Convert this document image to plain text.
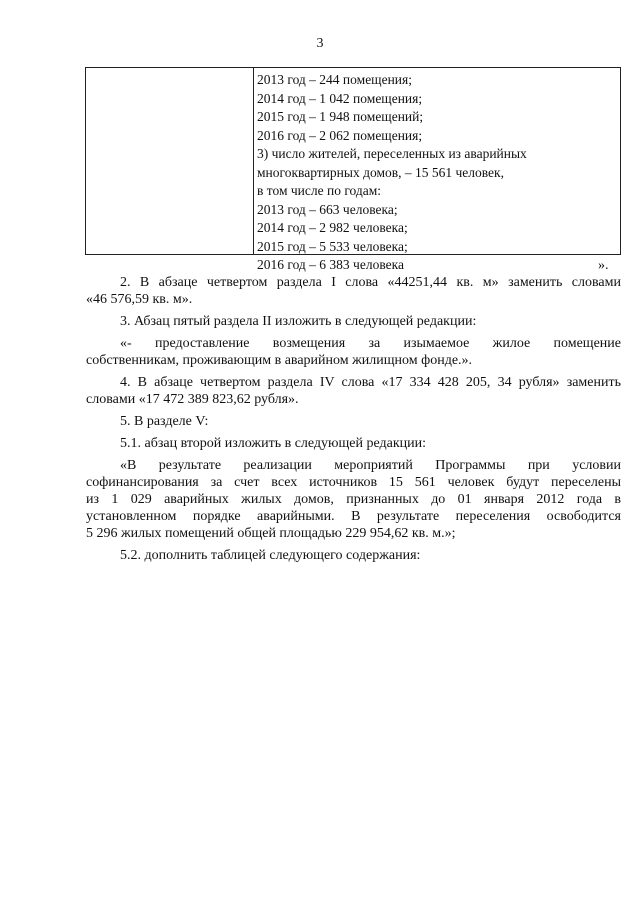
3
2013 год – 244 помещения;
2014 год – 1 042 помещения;
2015 год – 1 948 помещений;
2016 год – 2 062 помещения;
3) число жителей, переселенных из аварийных
многоквартирных домов, – 15 561 человек,
в том числе по годам:
2013 год – 663 человека;
2014 год – 2 982 человека;
2015 год – 5 533 человека;
2016 год – 6 383 человека	».
2. В абзаце четвертом раздела I слова «44251,44 кв. м» заменить словами
«46 576,59 кв. м».
3. Абзац пятый раздела II изложить в следующей редакции:
«- предоставление возмещения за изымаемое жилое помещение
собственникам, проживающим в аварийном жилищном фонде.».
4. В абзаце четвертом раздела IV слова «17 334 428 205, 34 рубля» заменить
словами «17 472 389 823,62 рубля».
5. В разделе V:
5.1. абзац второй изложить в следующей редакции:
«В результате реализации мероприятий Программы при условии
софинансирования за счет всех источников 15 561 человек будут переселены
из 1 029 аварийных жилых домов, признанных до 01 января 2012 года в
установленном порядке аварийными. В результате переселения освободится
5 296 жилых помещений общей площадью 229 954,62 кв. м.»;
5.2. дополнить таблицей следующего содержания:
